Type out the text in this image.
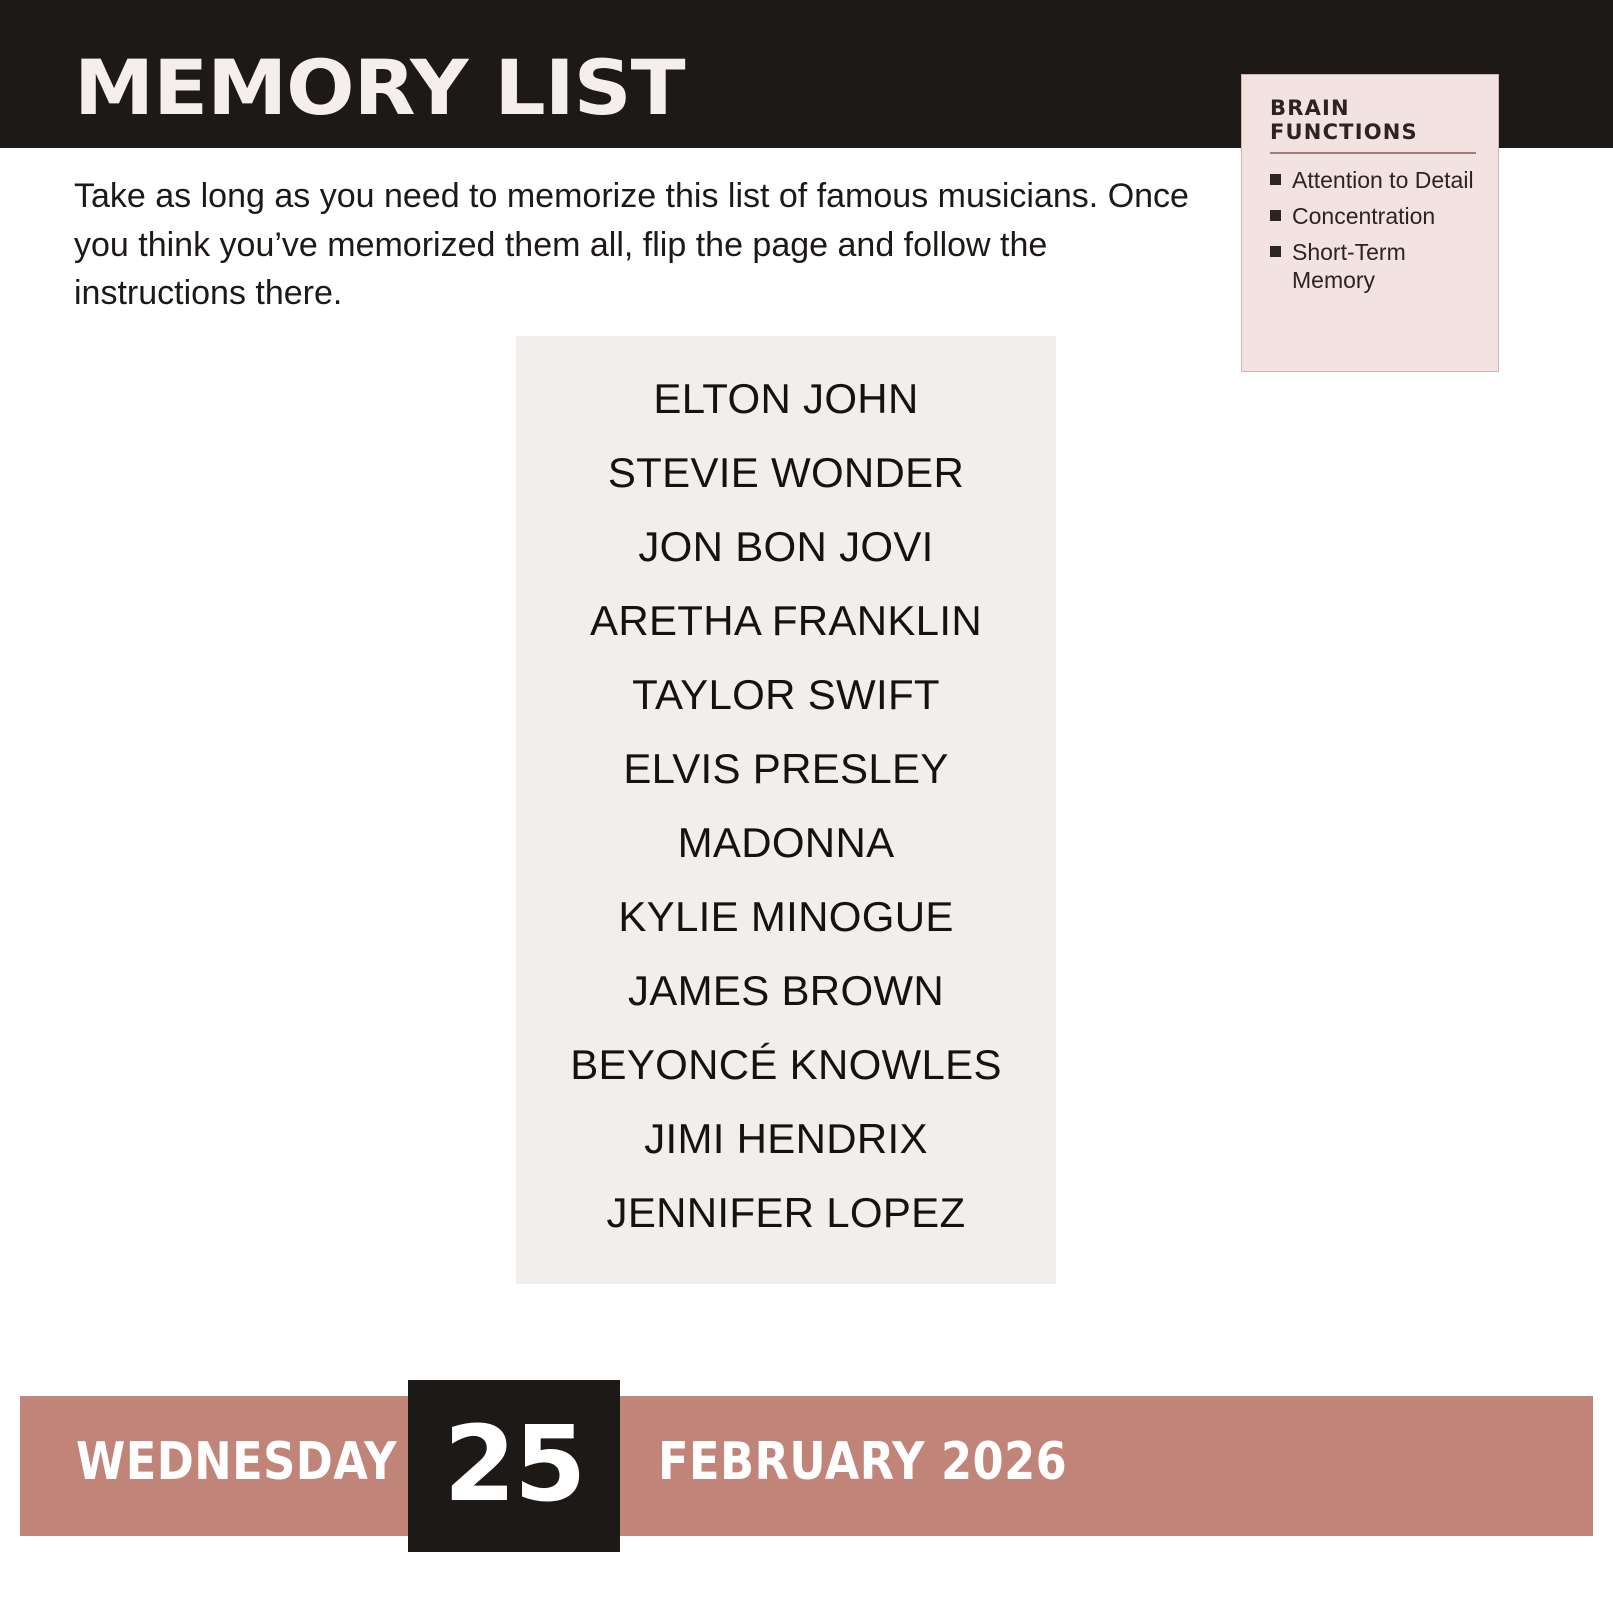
MEMORY LIST	BRAIN
FUNCTIONS
Attention to Detail
Concentration
Short-Term Memory
Take as long as you need to memorize this list of famous musicians. Once you think you’ve memorized them all, flip the page and follow the instructions there.
ELTON JOHN
STEVIE WONDER
JON BON JOVI
ARETHA FRANKLIN
TAYLOR SWIFT
ELVIS PRESLEY
MADONNA
KYLIE MINOGUE
JAMES BROWN
BEYONCÉ KNOWLES
JIMI HENDRIX
JENNIFER LOPEZ
WEDNESDAY 25	FEBRUARY 2026
